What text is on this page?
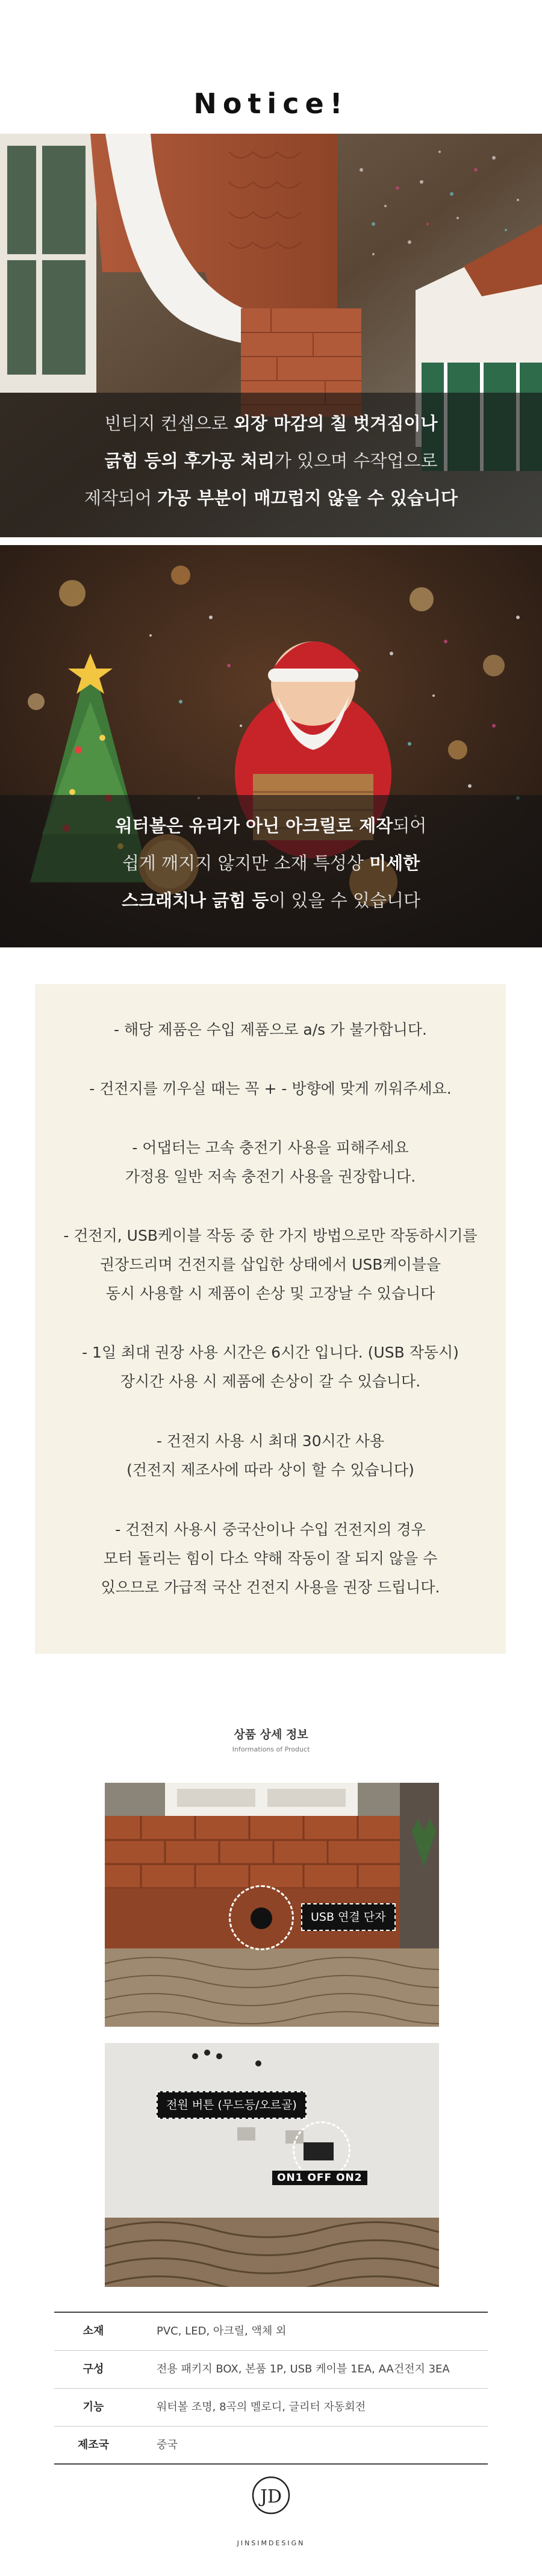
Notice!
빈티지 컨셉으로 외장 마감의 칠 벗겨짐이나
긁힘 등의 후가공 처리가 있으며 수작업으로
제작되어 가공 부분이 매끄럽지 않을 수 있습니다
워터볼은 유리가 아닌 아크릴로 제작되어
쉽게 깨지지 않지만 소재 특성상 미세한
스크래치나 긁힘 등이 있을 수 있습니다
- 해당 제품은 수입 제품으로 a/s 가 불가합니다.
- 건전지를 끼우실 때는 꼭 + - 방향에 맞게 끼워주세요.
- 어댑터는 고속 충전기 사용을 피해주세요
가정용 일반 저속 충전기 사용을 권장합니다.
- 건전지, USB케이블 작동 중 한 가지 방법으로만 작동하시기를
권장드리며 건전지를 삽입한 상태에서 USB케이블을
동시 사용할 시 제품이 손상 및 고장날 수 있습니다
- 1일 최대 권장 사용 시간은 6시간 입니다. (USB 작동시)
장시간 사용 시 제품에 손상이 갈 수 있습니다.
- 건전지 사용 시 최대 30시간 사용
(건전지 제조사에 따라 상이 할 수 있습니다)
- 건전지 사용시 중국산이나 수입 건전지의 경우
모터 돌리는 힘이 다소 약해 작동이 잘 되지 않을 수
있으므로 가급적 국산 건전지 사용을 권장 드립니다.
상품 상세 정보
Informations of Product
USB 연결 단자
전원 버튼 (무드등/오르골)
ON1 OFF ON2
소재	PVC, LED, 아크릴, 액체 외
구성	전용 패키지 BOX, 본품 1P, USB 케이블 1EA, AA건전지 3EA
기능	워터볼 조명, 8곡의 멜로디, 글리터 자동회전
제조국	중국
JD
JINSIMDESIGN
